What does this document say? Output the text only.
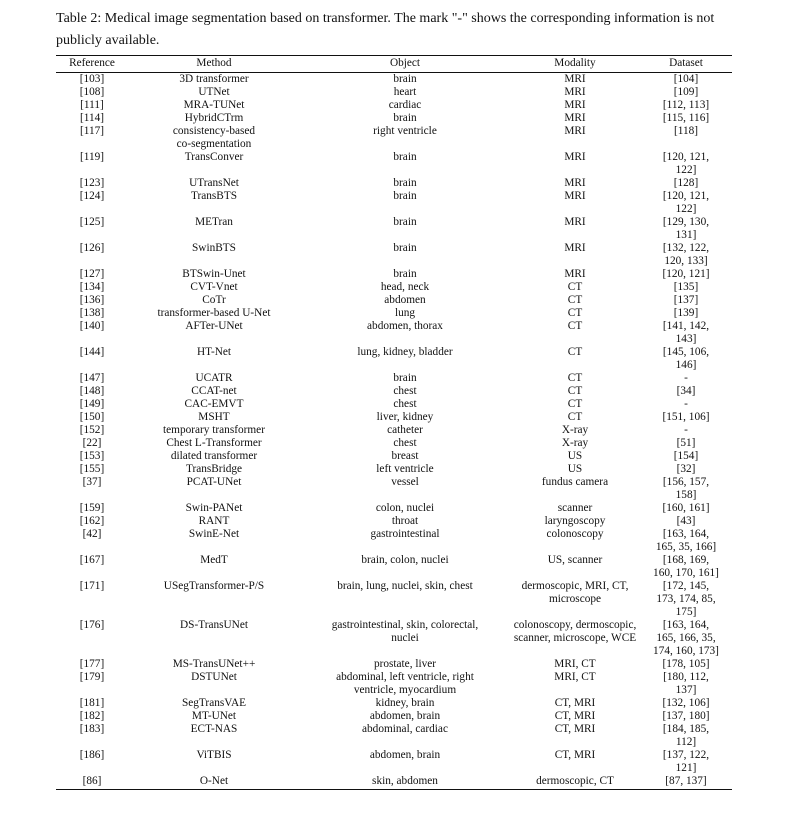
Table 2: Medical image segmentation based on transformer. The mark "-" shows the corresponding information is not
publicly available.
Reference	Method	Object	Modality	Dataset
[103]	3D transformer	brain	MRI	[104]

[108]	UTNet	heart	MRI	[109]

[111]	MRA-TUNet	cardiac	MRI	[112, 113]

[114]	HybridCTrm	brain	MRI	[115, 116]

[117]	consistency-based
co-segmentation	right ventricle	MRI	[118]

[119]	TransConver	brain	MRI	[120, 121,
122]

[123]	UTransNet	brain	MRI	[128]

[124]	TransBTS	brain	MRI	[120, 121,
122]

[125]	METran	brain	MRI	[129, 130,
131]

[126]	SwinBTS	brain	MRI	[132, 122,
120, 133]

[127]	BTSwin-Unet	brain	MRI	[120, 121]

[134]	CVT-Vnet	head, neck	CT	[135]

[136]	CoTr	abdomen	CT	[137]

[138]	transformer-based U-Net	lung	CT	[139]

[140]	AFTer-UNet	abdomen, thorax	CT	[141, 142,
143]

[144]	HT-Net	lung, kidney, bladder	CT	[145, 106,
146]

[147]	UCATR	brain	CT	-

[148]	CCAT-net	chest	CT	[34]

[149]	CAC-EMVT	chest	CT	-

[150]	MSHT	liver, kidney	CT	[151, 106]

[152]	temporary transformer	catheter	X-ray	-

[22]	Chest L-Transformer	chest	X-ray	[51]

[153]	dilated transformer	breast	US	[154]

[155]	TransBridge	left ventricle	US	[32]

[37]	PCAT-UNet	vessel	fundus camera	[156, 157,
158]

[159]	Swin-PANet	colon, nuclei	scanner	[160, 161]

[162]	RANT	throat	laryngoscopy	[43]

[42]	SwinE-Net	gastrointestinal	colonoscopy	[163, 164,
165, 35, 166]

[167]	MedT	brain, colon, nuclei	US, scanner	[168, 169,
160, 170, 161]

[171]	USegTransformer-P/S	brain, lung, nuclei, skin, chest	dermoscopic, MRI, CT,
microscope	[172, 145,
173, 174, 85,
175]

[176]	DS-TransUNet	gastrointestinal, skin, colorectal,
nuclei	colonoscopy, dermoscopic,
scanner, microscope, WCE	[163, 164,
165, 166, 35,
174, 160, 173]

[177]	MS-TransUNet++	prostate, liver	MRI, CT	[178, 105]

[179]	DSTUNet	abdominal, left ventricle, right
ventricle, myocardium	MRI, CT	[180, 112,
137]

[181]	SegTransVAE	kidney, brain	CT, MRI	[132, 106]

[182]	MT-UNet	abdomen, brain	CT, MRI	[137, 180]

[183]	ECT-NAS	abdominal, cardiac	CT, MRI	[184, 185,
112]

[186]	ViTBIS	abdomen, brain	CT, MRI	[137, 122,
121]

[86]	O-Net	skin, abdomen	dermoscopic, CT	[87, 137]
